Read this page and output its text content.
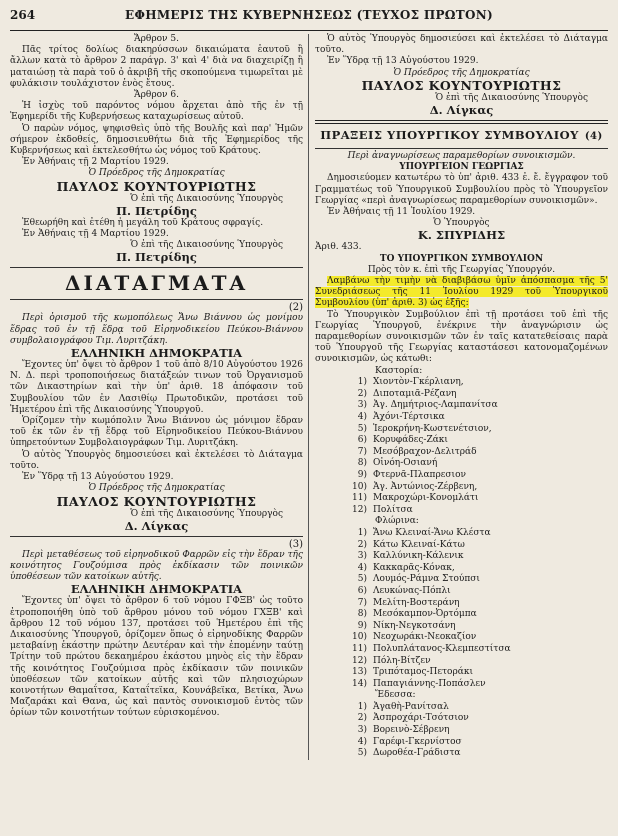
264	ΕΦΗΜΕΡΙΣ ΤΗΣ ΚΥΒΕΡΝΗΣΕΩΣ (ΤΕΥΧΟΣ ΠΡΩΤΟΝ)

Ἄρθρον 5.

Πᾶς τρίτος δολίως διακηρύσσων δικαιώματα ἑαυτοῦ ἢ ἄλλων κατὰ τὸ ἄρθρον 2 παράγρ. 3' καὶ 4' διὰ να διαχειρίζῃ ἢ ματαιώσῃ τὰ παρὰ τοῦ ὀ ἀκριβῆ τῆς σκοπούμενα τιμωρεῖται μὲ φυλάκισιν τουλάχιστον ἑνὸς ἔτους.

Ἄρθρον 6.

Ἡ ἰσχὺς τοῦ παρόντος νόμου ἄρχεται ἀπὸ τῆς ἐν τῇ Ἐφημερίδι τῆς Κυβερνήσεως καταχωρίσεως αὐτοῦ.

Ὁ παρὼν νόμος, ψηφισθεὶς ὑπὸ τῆς Βουλῆς καὶ παρ' Ἡμῶν σήμερον ἐκδοθείς, δημοσιευθήτω διὰ τῆς Ἐφημερίδος τῆς Κυβερνήσεως καὶ ἐκτελεσθήτω ὡς νόμος τοῦ Κράτους.

Ἐν Ἀθήναις τῇ 2 Μαρτίου 1929.

Ὁ Πρόεδρος τῆς Δημοκρατίας

ΠΑΥΛΟΣ ΚΟΥΝΤΟΥΡΙΩΤΗΣ

Ὁ ἐπὶ τῆς Δικαιοσύνης Ὑπουργὸς

Π. Πετρίδης

Ἐθεωρήθη καὶ ἐτέθη ἡ μεγάλη τοῦ Κράτους σφραγίς.

Ἐν Ἀθήναις τῇ 4 Μαρτίου 1929.

Ὁ ἐπὶ τῆς Δικαιοσύνης Ὑπουργὸς

Π. Πετρίδης

ΔΙΑΤΑΓΜΑΤΑ

(2)

Περὶ ὁρισμοῦ τῆς κωμοπόλεως Ἄνω Βιάννου ὡς μονίμου ἕδρας τοῦ ἐν τῇ ἕδρᾳ τοῦ Εἰρηνοδικείου Πεύκου-Βιάννου συμβολαιογράφου Τιμ. Λυριτζάκη.

ΕΛΛΗΝΙΚΗ ΔΗΜΟΚΡΑΤΙΑ

Ἔχοντες ὑπ' ὄψει τὸ ἄρθρον 1 τοῦ ἀπὸ 8/10 Αὐγούστου 1926 Ν. Δ. περὶ τροποποιήσεως διατάξεών τινων τοῦ Ὀργανισμοῦ τῶν Δικαστηρίων καὶ τὴν ὑπ' ἀριθ. 18 ἀπόφασιν τοῦ Συμβουλίου τῶν ἐν Λασιθίῳ Πρωτοδικῶν, προτάσει τοῦ Ἡμετέρου ἐπὶ τῆς Δικαιοσύνης Ὑπουργοῦ.

Ὁρίζομεν τὴν κωμόπολιν Ἄνω Βιάννου ὡς μόνιμον ἕδραν τοῦ ἐκ τῶν ἐν τῇ ἕδρᾳ τοῦ Εἰρηνοδικείου Πεύκου-Βιάννου ὑπηρετούντων Συμβολαιογράφων Τιμ. Λυριτζάκη.

Ὁ αὐτὸς Ὑπουργὸς δημοσιεύσει καὶ ἐκτελέσει τὸ Διάταγμα τοῦτο.

Ἐν Ὕδρᾳ τῇ 13 Αὐγούστου 1929.

Ὁ Πρόεδρος τῆς Δημοκρατίας

ΠΑΥΛΟΣ ΚΟΥΝΤΟΥΡΙΩΤΗΣ

Ὁ ἐπὶ τῆς Δικαιοσύνης Ὑπουργὸς

Δ. Λίγκας

(3)

Περὶ μεταθέσεως τοῦ εἰρηνοδικοῦ Φαρρῶν εἰς τὴν ἕδραν τῆς κοινότητος Γουζούμισα πρὸς ἐκδίκασιν τῶν ποινικῶν ὑποθέσεων τῶν κατοίκων αὐτῆς.

ΕΛΛΗΝΙΚΗ ΔΗΜΟΚΡΑΤΙΑ

Ἔχοντες ὑπ' ὄψει τὸ ἄρθρον 6 τοῦ νόμου ΓΦΞΒ' ὡς τοῦτο ἐτροποποιήθη ὑπὸ τοῦ ἄρθρου μόνου τοῦ νόμου ΓΧΞΒ' καὶ ἄρθρου 12 τοῦ νόμου 137, προτάσει τοῦ Ἡμετέρου ἐπὶ τῆς Δικαιοσύνης Ὑπουργοῦ, ὁρίζομεν ὅπως ὁ εἰρηνοδίκης Φαρρῶν μεταβαίνῃ ἑκάστην πρώτην Δευτέραν καὶ τὴν ἑπομένην ταύτῃ Τρίτην τοῦ πρώτου δεκαημέρου ἑκάστου μηνὸς εἰς τὴν ἕδραν τῆς κοινότητος Γουζούμισα πρὸς ἐκδίκασιν τῶν ποινικῶν ὑποθέσεων τῶν κατοίκων αὐτῆς καὶ τῶν πλησιοχώρων κοινοτήτων Θαμαΐτσα, Καταΐτεϊκα, Κουνάβεϊκα, Βετίκα, Ἄνω Μαζαράκι καὶ Θανα, ὡς καὶ παντὸς συνοικισμοῦ ἐντὸς τῶν ὁρίων τῶν κοινοτήτων τούτων εὑρισκομένου.

Ὁ αὐτὸς Ὑπουργὸς δημοσιεύσει καὶ ἐκτελέσει τὸ Διάταγμα τοῦτο.

Ἐν Ὕδρᾳ τῇ 13 Αὐγούστου 1929.

Ὁ Πρόεδρος τῆς Δημοκρατίας

ΠΑΥΛΟΣ ΚΟΥΝΤΟΥΡΙΩΤΗΣ

Ὁ ἐπὶ τῆς Δικαιοσύνης Ὑπουργὸς

Δ. Λίγκας

ΠΡΑΞΕΙΣ ΥΠΟΥΡΓΙΚΟΥ ΣΥΜΒΟΥΛΙΟΥ (4)

Περὶ ἀναγνωρίσεως παραμεθορίων συνοικισμῶν.

ΥΠΟΥΡΓΕΙΟΝ ΓΕΩΡΓΙΑΣ

Δημοσιεύομεν κατωτέρω τὸ ὑπ' ἀριθ. 433 ἐ. ἔ. ἔγγραφον τοῦ Γραμματέως τοῦ Ὑπουργικοῦ Συμβουλίου πρὸς τὸ Ὑπουργεῖον Γεωργίας «περὶ ἀναγνωρίσεως παραμεθορίων συνοικισμῶν».

Ἐν Ἀθήναις τῇ 11 Ἰουλίου 1929.

Ὁ Ὑπουργὸς

Κ. ΣΠΥΡΙΔΗΣ

Ἀριθ. 433.

ΤΟ ΥΠΟΥΡΓΙΚΟΝ ΣΥΜΒΟΥΛΙΟΝ

Πρὸς τὸν κ. ἐπὶ τῆς Γεωργίας Ὑπουργόν.

Λαμβάνω τὴν τιμὴν νὰ διαβιβάσω ὑμῖν ἀπόσπασμα τῆς 5' Συνεδριάσεως τῆς 11 Ἰουλίου 1929 τοῦ Ὑπουργικοῦ Συμβουλίου (ὑπ' ἀριθ. 3) ὡς ἑξῆς:

Τὸ Ὑπουργικὸν Συμβούλιον ἐπὶ τῇ προτάσει τοῦ ἐπὶ τῆς Γεωργίας Ὑπουργοῦ, ἐνέκρινε τὴν ἀναγνώρισιν ὡς παραμεθορίων συνοικισμῶν τῶν ἐν ταῖς κατατεθείσαις παρὰ τοῦ Ὑπουργοῦ τῆς Γεωργίας καταστάσεσι κατονομαζομένων συνοικισμῶν, ὡς κάτωθι:

Καστορία:

1) Χιοντὸν-Γκέρλιανη,
2) Διποταμιᾶ-Ρέζανη
3) Ἀγ. Δημήτριος-Λαμπανίτσα
4) Ἀχόνι-Τέρτσικα
5) Ἱεροκρήνη-Κωστενέτσιον,
6) Κορυφάδες-Ζάκι
7) Μεσόβραχον-Δελιτράδ
8) Οἰνόη-Οσιανή
9) Φτερνᾶ-Πλαπρεσιον
10) Ἀγ. Ἀντώνιος-Ζέρβενη,
11) Μακροχώρι-Κονομλάτι
12) Πολίτσα

Φλώρινα:

1) Ἄνω Κλειναί-Ἄνω Κλέστα
2) Κάτω Κλειναί-Κάτω
3) Καλλύνικη-Κάλενικ
4) Κακκαρᾶς-Κόνακ,
5) Λουμός-Ράμνα Στούπσι
6) Λευκώνας-Πόπλι
7) Μελίτη-Βοστεράνη
8) Μεσόκαμπον-Ὀρτόμπα
9) Νίκη-Νεγκοτσάνη
10) Νεοχωράκι-Νεοκαζίον
11) Πολυπλάτανος-Κλεμπεστίτσα
12) Πόλη-Βίτζεν
13) Τριπόταμος-Πετοράκι
14) Παπαγιάννης-Ποπάσλεν

Ἔδεσσα:

1) Ἀγαθὴ-Ρανίτσαλ
2) Ἀσπροχάρι-Τσότσιον
3) Βορεινὸ-Σέβρενη
4) Γαρέφι-Γκερνίστοσ
5) Δωροθέα-Γράδιστα
